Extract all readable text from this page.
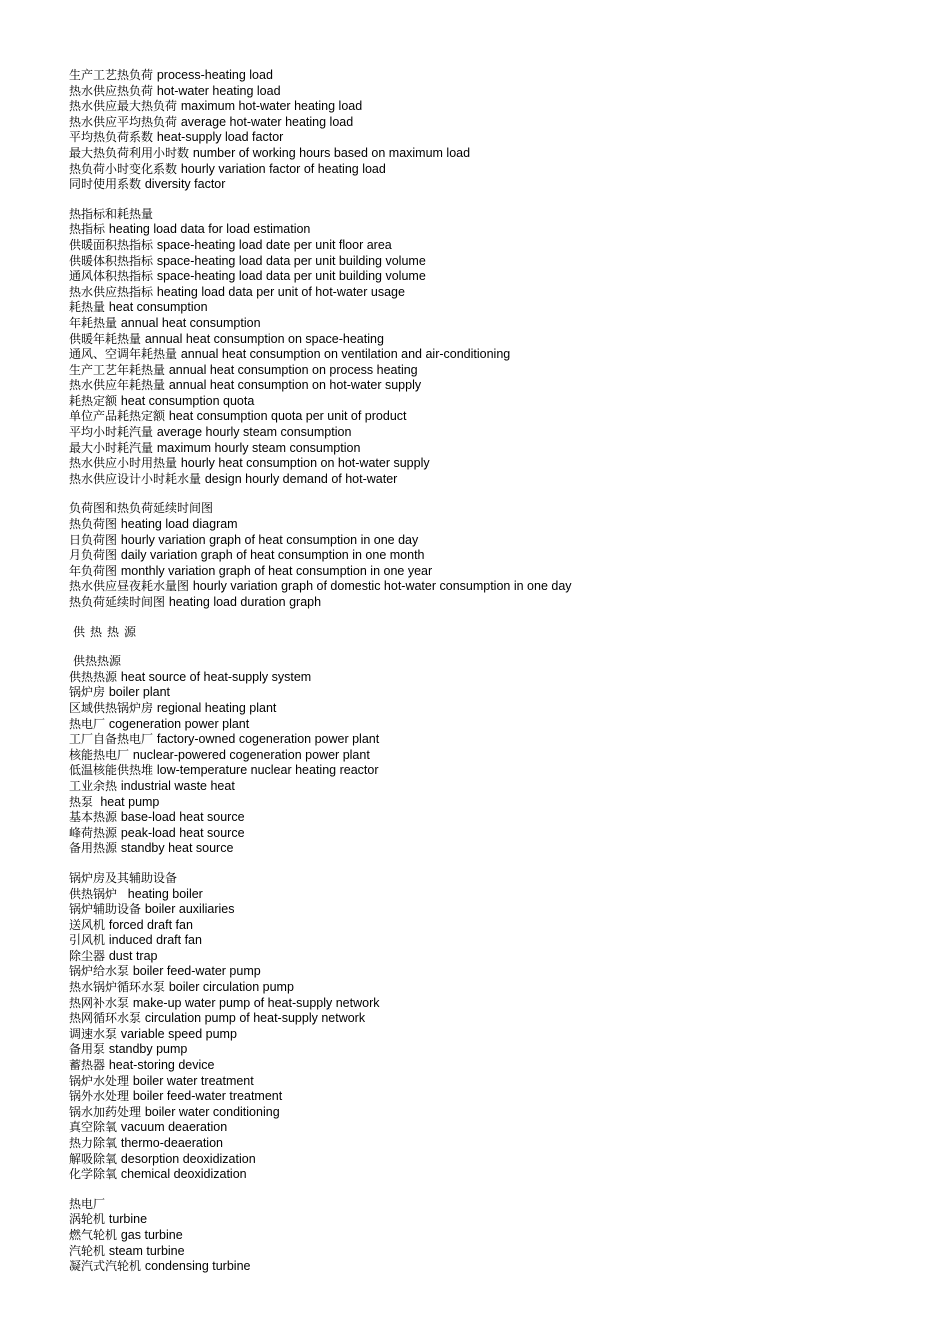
生产工艺热负荷 process-heating load
热水供应热负荷 hot-water heating load
热水供应最大热负荷 maximum hot-water heating load
热水供应平均热负荷 average hot-water heating load
平均热负荷系数 heat-supply load factor
最大热负荷利用小时数 number of working hours based on maximum load
热负荷小时变化系数 hourly variation factor of heating load
同时使用系数 diversity factor
热指标和耗热量
热指标 heating load data for load estimation
供暖面积热指标 space-heating load date per unit floor area
供暖体积热指标 space-heating load data per unit building volume
通风体积热指标 space-heating load data per unit building volume
热水供应热指标 heating load data per unit of hot-water usage
耗热量 heat consumption
年耗热量 annual heat consumption
供暖年耗热量 annual heat consumption on space-heating
通风、空调年耗热量 annual heat consumption on ventilation and air-conditioning
生产工艺年耗热量 annual heat consumption on process heating
热水供应年耗热量 annual heat consumption on hot-water supply
耗热定额 heat consumption quota
单位产品耗热定额 heat consumption quota per unit of product
平均小时耗汽量 average hourly steam consumption
最大小时耗汽量 maximum hourly steam consumption
热水供应小时用热量 hourly heat consumption on hot-water supply
热水供应设计小时耗水量 design hourly demand of hot-water
负荷图和热负荷延续时间图
热负荷图 heating load diagram
日负荷图 hourly variation graph of heat consumption in one day
月负荷图 daily variation graph of heat consumption in one month
年负荷图 monthly variation graph of heat consumption in one year
热水供应昼夜耗水量图 hourly variation graph of domestic hot-water consumption in one day
热负荷延续时间图 heating load duration graph
供热热源
供热热源
供热热源 heat source of heat-supply system
锅炉房 boiler plant
区域供热锅炉房 regional heating plant
热电厂 cogeneration power plant
工厂自备热电厂 factory-owned cogeneration power plant
核能热电厂 nuclear-powered cogeneration power plant
低温核能供热堆 low-temperature nuclear heating reactor
工业余热 industrial waste heat
热泵  heat pump
基本热源 base-load heat source
峰荷热源 peak-load heat source
备用热源 standby heat source
锅炉房及其辅助设备
供热锅炉   heating boiler
锅炉辅助设备 boiler auxiliaries
送风机 forced draft fan
引风机 induced draft fan
除尘器 dust trap
锅炉给水泵 boiler feed-water pump
热水锅炉循环水泵 boiler circulation pump
热网补水泵 make-up water pump of heat-supply network
热网循环水泵 circulation pump of heat-supply network
调速水泵 variable speed pump
备用泵 standby pump
蓄热器 heat-storing device
锅炉水处理 boiler water treatment
锅外水处理 boiler feed-water treatment
锅水加药处理 boiler water conditioning
真空除氧 vacuum deaeration
热力除氧 thermo-deaeration
解吸除氧 desorption deoxidization
化学除氧 chemical deoxidization
热电厂
涡轮机 turbine
燃气轮机 gas turbine
汽轮机 steam turbine
凝汽式汽轮机 condensing turbine
